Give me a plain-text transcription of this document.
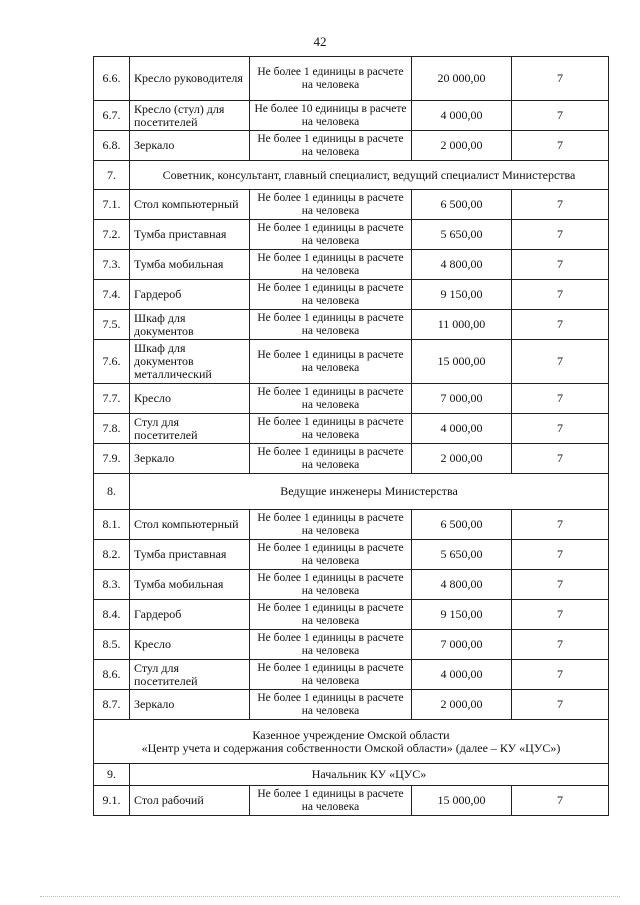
42
6.6.	Кресло руководителя	Не более 1 единицы в расчете на человека	20 000,00	7
6.7.	Кресло (стул) для посетителей	Не более 10 единицы в расчете на человека	4 000,00	7
6.8.	Зеркало	Не более 1 единицы в расчете на человека	2 000,00	7
7.	Советник, консультант, главный специалист, ведущий специалист Министерства			
7.1.	Стол компьютерный	Не более 1 единицы в расчете на человека	6 500,00	7
7.2.	Тумба приставная	Не более 1 единицы в расчете на человека	5 650,00	7
7.3.	Тумба мобильная	Не более 1 единицы в расчете на человека	4 800,00	7
7.4.	Гардероб	Не более 1 единицы в расчете на человека	9 150,00	7
7.5.	Шкаф для документов	Не более 1 единицы в расчете на человека	11 000,00	7
7.6.	Шкаф для документов металлический	Не более 1 единицы в расчете на человека	15 000,00	7
7.7.	Кресло	Не более 1 единицы в расчете на человека	7 000,00	7
7.8.	Стул для посетителей	Не более 1 единицы в расчете на человека	4 000,00	7
7.9.	Зеркало	Не более 1 единицы в расчете на человека	2 000,00	7
8.	Ведущие инженеры Министерства			
8.1.	Стол компьютерный	Не более 1 единицы в расчете на человека	6 500,00	7
8.2.	Тумба приставная	Не более 1 единицы в расчете на человека	5 650,00	7
8.3.	Тумба мобильная	Не более 1 единицы в расчете на человека	4 800,00	7
8.4.	Гардероб	Не более 1 единицы в расчете на человека	9 150,00	7
8.5.	Кресло	Не более 1 единицы в расчете на человека	7 000,00	7
8.6.	Стул для посетителей	Не более 1 единицы в расчете на человека	4 000,00	7
8.7.	Зеркало	Не более 1 единицы в расчете на человека	2 000,00	7
Казенное учреждение Омской области
«Центр учета и содержания собственности Омской области» (далее – КУ «ЦУС»)				
9.	Начальник КУ «ЦУС»			
9.1.	Стол рабочий	Не более 1 единицы в расчете на человека	15 000,00	7
